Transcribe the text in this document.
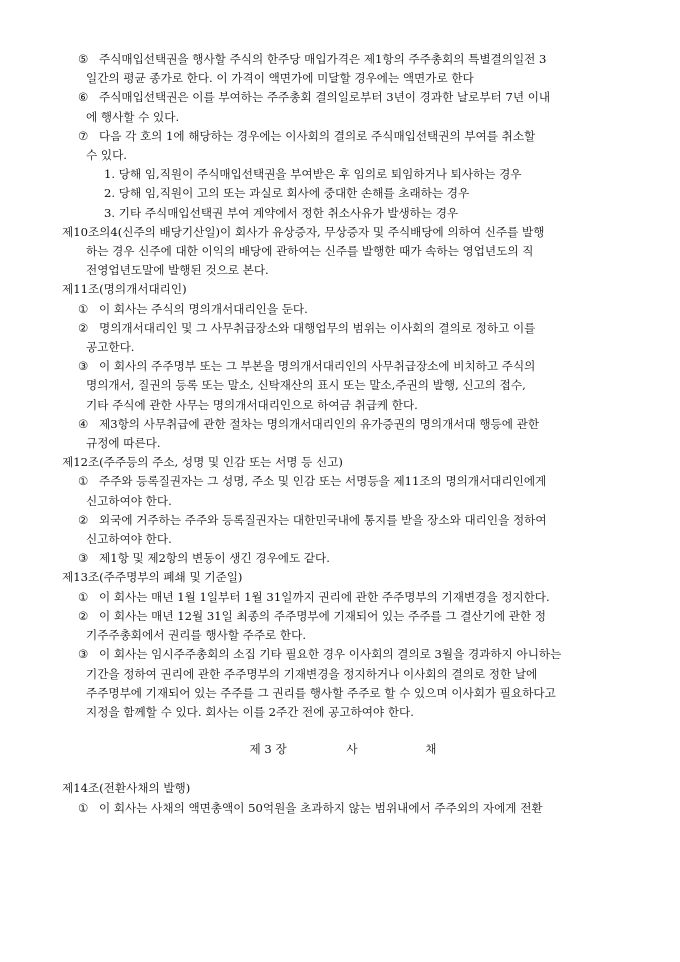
⑤ 주식매입선택권을 행사할 주식의 한주당 매입가격은 제1항의 주주총회의 특별결의일전 3
일간의 평균 종가로 한다. 이 가격이 액면가에 미달할 경우에는 액면가로 한다
⑥ 주식매입선택권은 이를 부여하는 주주총회 결의일로부터 3년이 경과한 날로부터 7년 이내
에 행사할 수 있다.
⑦ 다음 각 호의 1에 해당하는 경우에는 이사회의 결의로 주식매입선택권의 부여를 취소할
수 있다.
1. 당해 임,직원이 주식매입선택권을 부여받은 후 임의로 퇴임하거나 퇴사하는 경우
2. 당해 임,직원이 고의 또는 과실로 회사에 중대한 손해를 초래하는 경우
3. 기타 주식매입선택권 부여 계약에서 정한 취소사유가 발생하는 경우
제10조의4(신주의 배당기산일)이 회사가 유상증자, 무상증자 및 주식배당에 의하여 신주를 발행
하는 경우 신주에 대한 이익의 배당에 관하여는 신주를 발행한 때가 속하는 영업년도의 직
전영업년도말에 발행된 것으로 본다.
제11조(명의개서대리인)
① 이 회사는 주식의 명의개서대리인을 둔다.
② 명의개서대리인 및 그 사무취급장소와 대행업무의 범위는 이사회의 결의로 정하고 이를
공고한다.
③ 이 회사의 주주명부 또는 그 부본을 명의개서대리인의 사무취급장소에 비치하고 주식의
명의개서, 질권의 등록 또는 말소, 신탁재산의 표시 또는 말소,주권의 발행, 신고의 접수,
기타 주식에 관한 사무는 명의개서대리인으로 하여금 취급케 한다.
④ 제3항의 사무취급에 관한 절차는 명의개서대리인의 유가증권의 명의개서대 행등에 관한
규정에 따른다.
제12조(주주등의 주소, 성명 및 인감 또는 서명 등 신고)
① 주주와 등록질권자는 그 성명, 주소 및 인감 또는 서명등을 제11조의 명의개서대리인에게
신고하여야 한다.
② 외국에 거주하는 주주와 등록질권자는 대한민국내에 통지를 받을 장소와 대리인을 정하여
신고하여야 한다.
③ 제1항 및 제2항의 변동이 생긴 경우에도 같다.
제13조(주주명부의 폐쇄 및 기준일)
① 이 회사는 매년 1월 1일부터 1월 31일까지 권리에 관한 주주명부의 기재변경을 정지한다.
② 이 회사는 매년 12월 31일 최종의 주주명부에 기재되어 있는 주주를 그 결산기에 관한 정
기주주총회에서 권리를 행사할 주주로 한다.
③ 이 회사는 임시주주총회의 소집 기타 필요한 경우 이사회의 결의로 3월을 경과하지 아니하는
기간을 정하여 권리에 관한 주주명부의 기재변경을 정지하거나 이사회의 결의로 정한 날에
주주명부에 기재되어 있는 주주를 그 권리를 행사할 주주로 할 수 있으며 이사회가 필요하다고
지정을 함께할 수 있다. 회사는 이를 2주간 전에 공고하여야 한다.
제 3 장	사	채
제14조(전환사채의 발행)
① 이 회사는 사채의 액면총액이 50억원을 초과하지 않는 범위내에서 주주외의 자에게 전환
